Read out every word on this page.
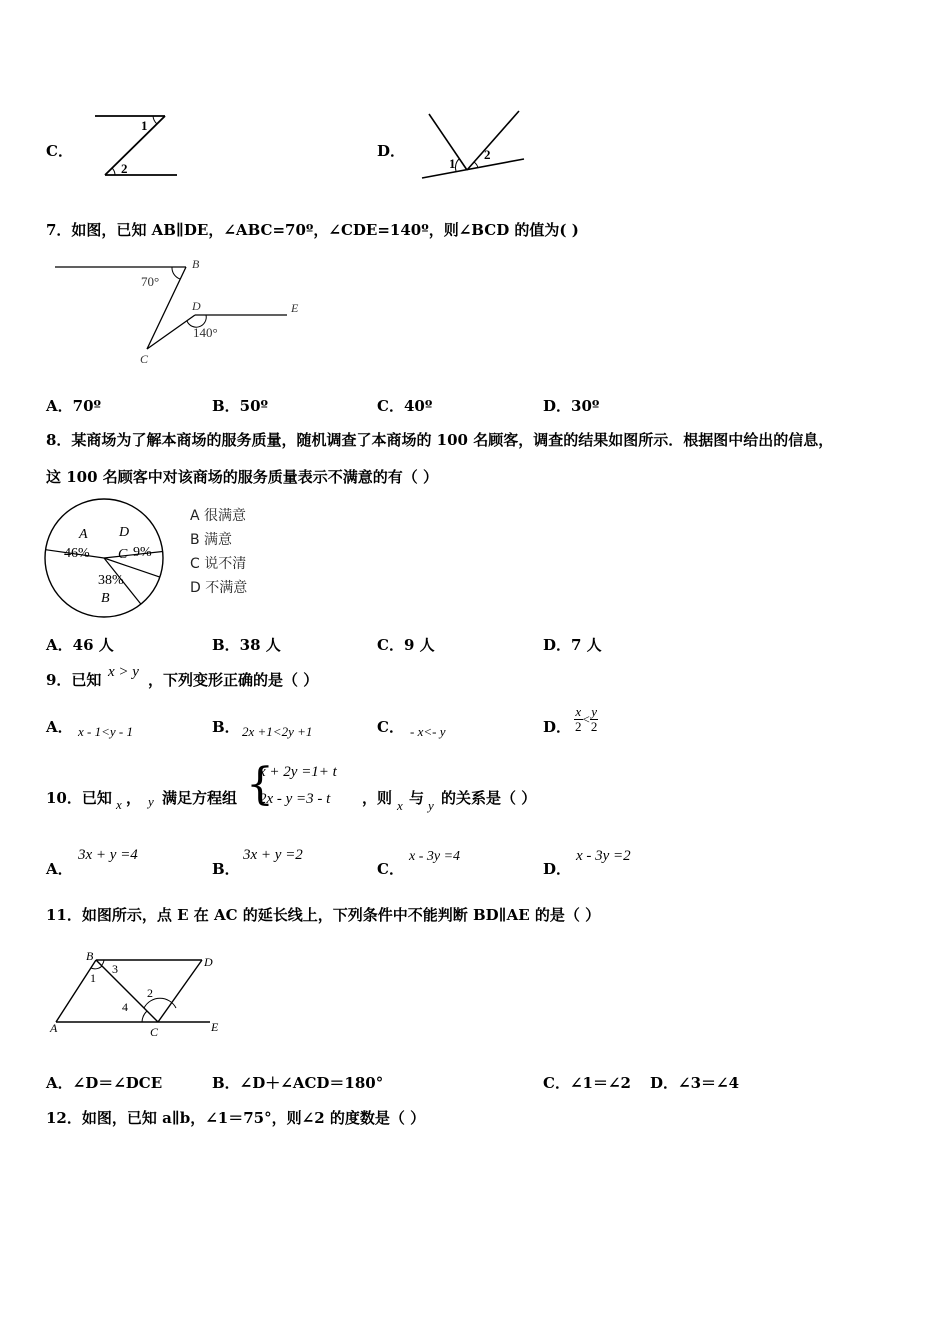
C．
1
2
D．
1
2
7．如图，已知 AB∥DE，∠ABC=70º，∠CDE=140º，则∠BCD 的值为( )
70°
B
D	E
140°
C
A．70º	B．50º	C．40º	D．30º
8．某商场为了解本商场的服务质量，随机调查了本商场的 100 名顾客，调查的结果如图所示．根据图中给出的信息，
这 100 名顾客中对该商场的服务质量表示不满意的有（ ）
A
46%
38%
B
C 9%
D
A 很满意
B 满意
C 说不清
D 不满意
A．46 人	B．38 人	C．9 人	D．7 人
9．已知 x > y ，下列变形正确的是（ ）
A． x - 1<y - 1	B． 2x +1<2y +1	C． - x<- y	D． $\frac{x}{2} < \frac{y}{2}$
10．已知 x ， y 满足方程组 {
x + 2y =1+ t
2x - y =3 - t ，则 x 与 y 的关系是（ ）
A．
3x + y =4
B．
3x + y =2
C．
x - 3y =4
D．
x - 3y =2
11．如图所示，点 E 在 AC 的延长线上，下列条件中不能判断 BD∥AE 的是（ ）
B	D
A	C	E
1
2
3
4
A．∠D＝∠DCE	B．∠D＋∠ACD＝180°	C．∠1＝∠2 D．∠3＝∠4
12．如图，已知 a∥b，∠1＝75°，则∠2 的度数是（ ）
